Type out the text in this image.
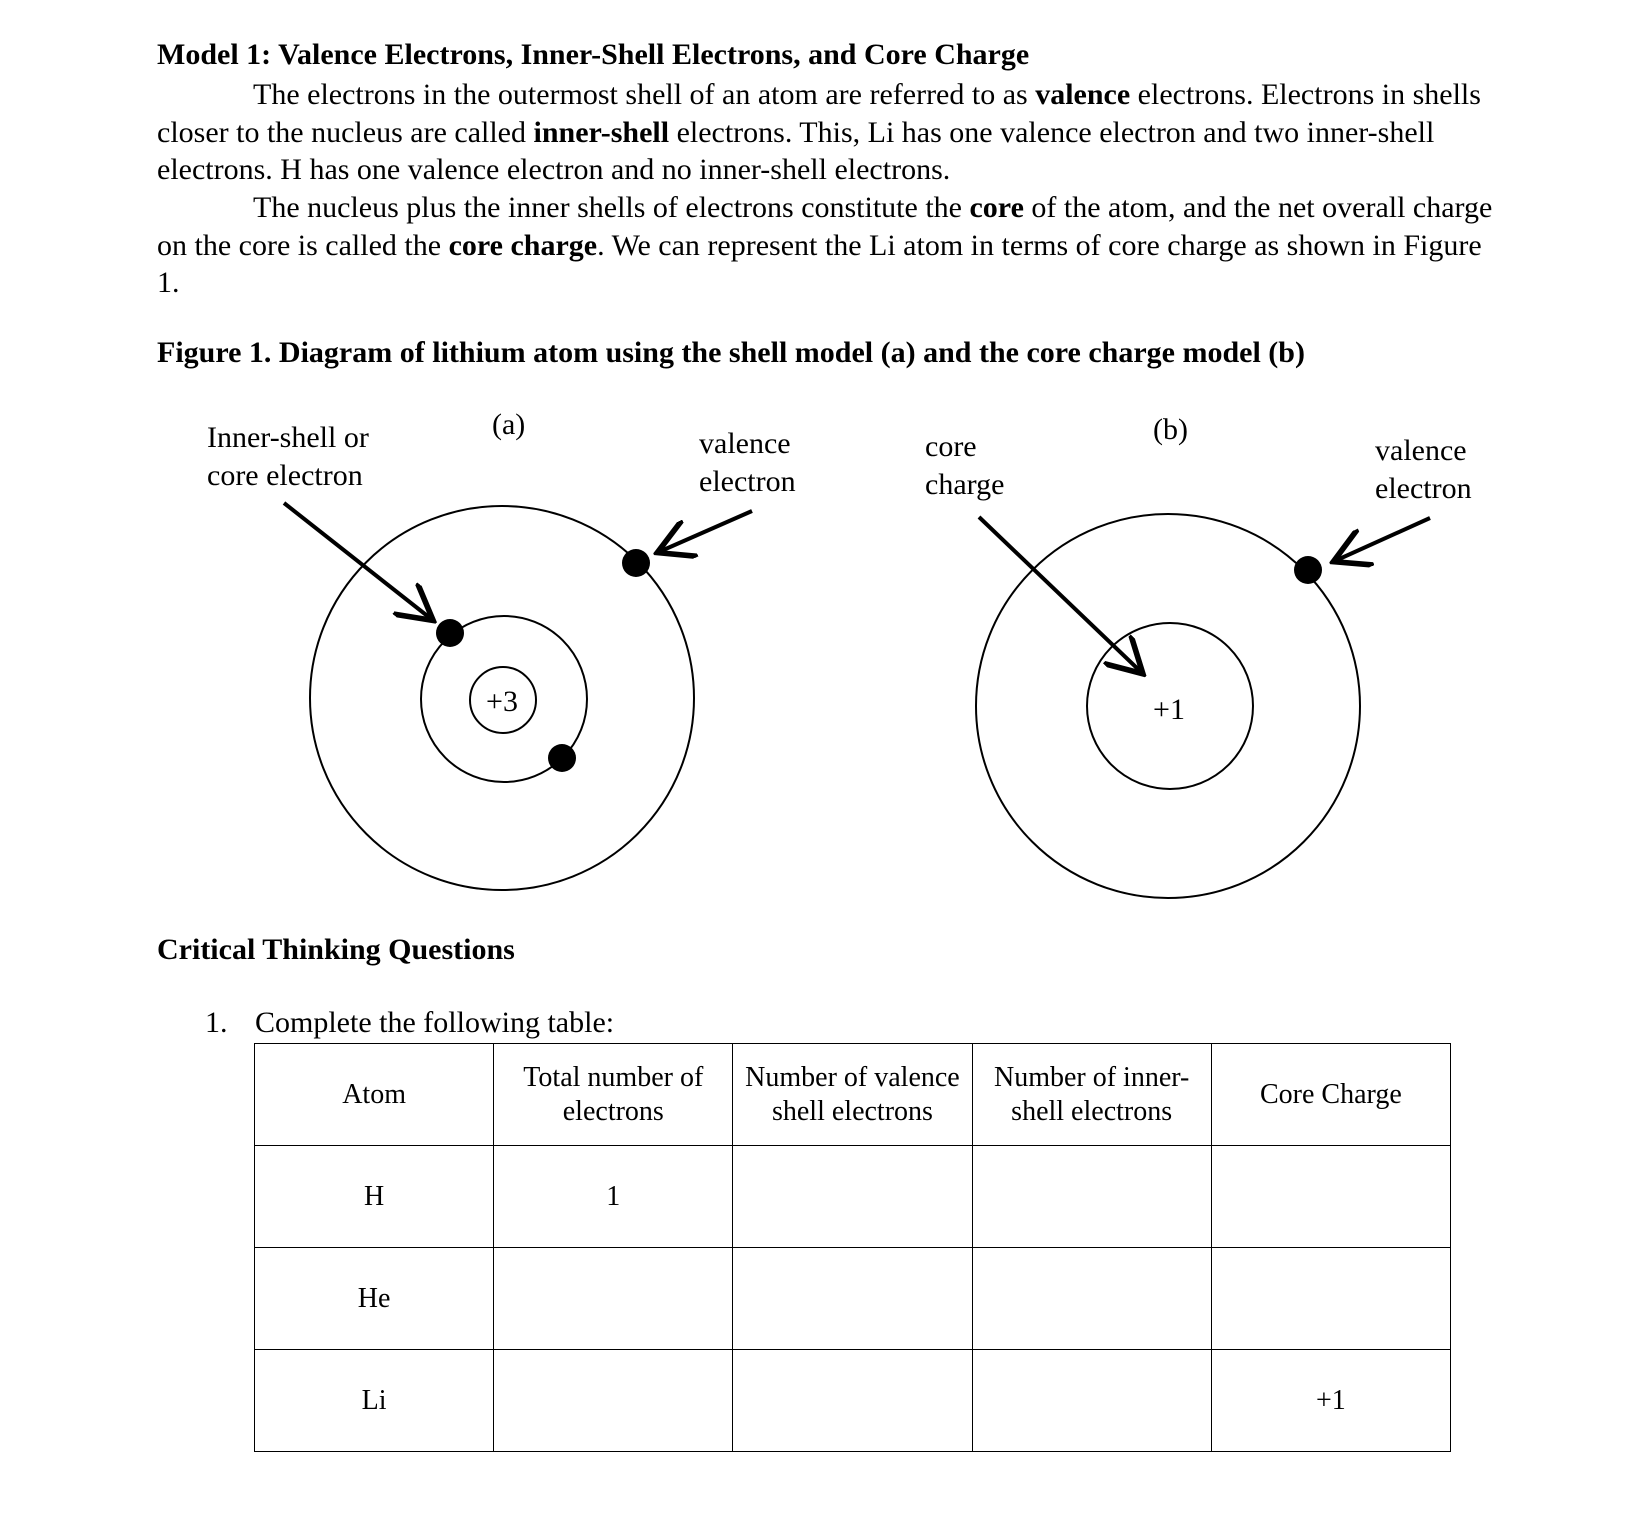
Model 1: Valence Electrons, Inner-Shell Electrons, and Core Charge
The electrons in the outermost shell of an atom are referred to as valence electrons. Electrons in shells closer to the nucleus are called inner-shell electrons. This, Li has one valence electron and two inner-shell electrons. H has one valence electron and no inner-shell electrons.
The nucleus plus the inner shells of electrons constitute the core of the atom, and the net overall charge on the core is called the core charge. We can represent the Li atom in terms of core charge as shown in Figure 1.
Figure 1. Diagram of lithium atom using the shell model (a) and the core charge model (b)
Inner-shell or
core electron
(a)
valence
electron
core
charge
(b)
valence
electron
+3	+1
Critical Thinking Questions
1. Complete the following table:
Atom	Total number of electrons	Number of valence shell electrons	Number of inner-shell electrons	Core Charge
H	1			
He				
Li				+1
